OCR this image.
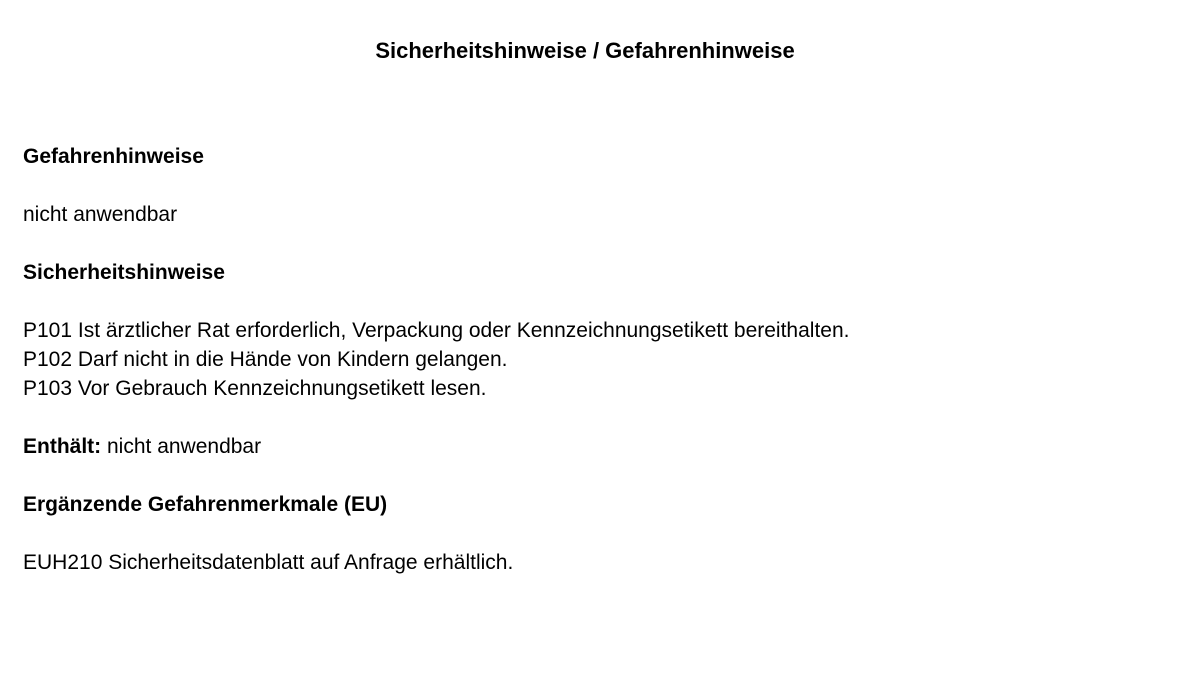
Sicherheitshinweise / Gefahrenhinweise

Gefahrenhinweise

nicht anwendbar

Sicherheitshinweise

P101 Ist ärztlicher Rat erforderlich, Verpackung oder Kennzeichnungsetikett bereithalten.
P102 Darf nicht in die Hände von Kindern gelangen.
P103 Vor Gebrauch Kennzeichnungsetikett lesen.

Enthält: nicht anwendbar

Ergänzende Gefahrenmerkmale (EU)

EUH210 Sicherheitsdatenblatt auf Anfrage erhältlich.
